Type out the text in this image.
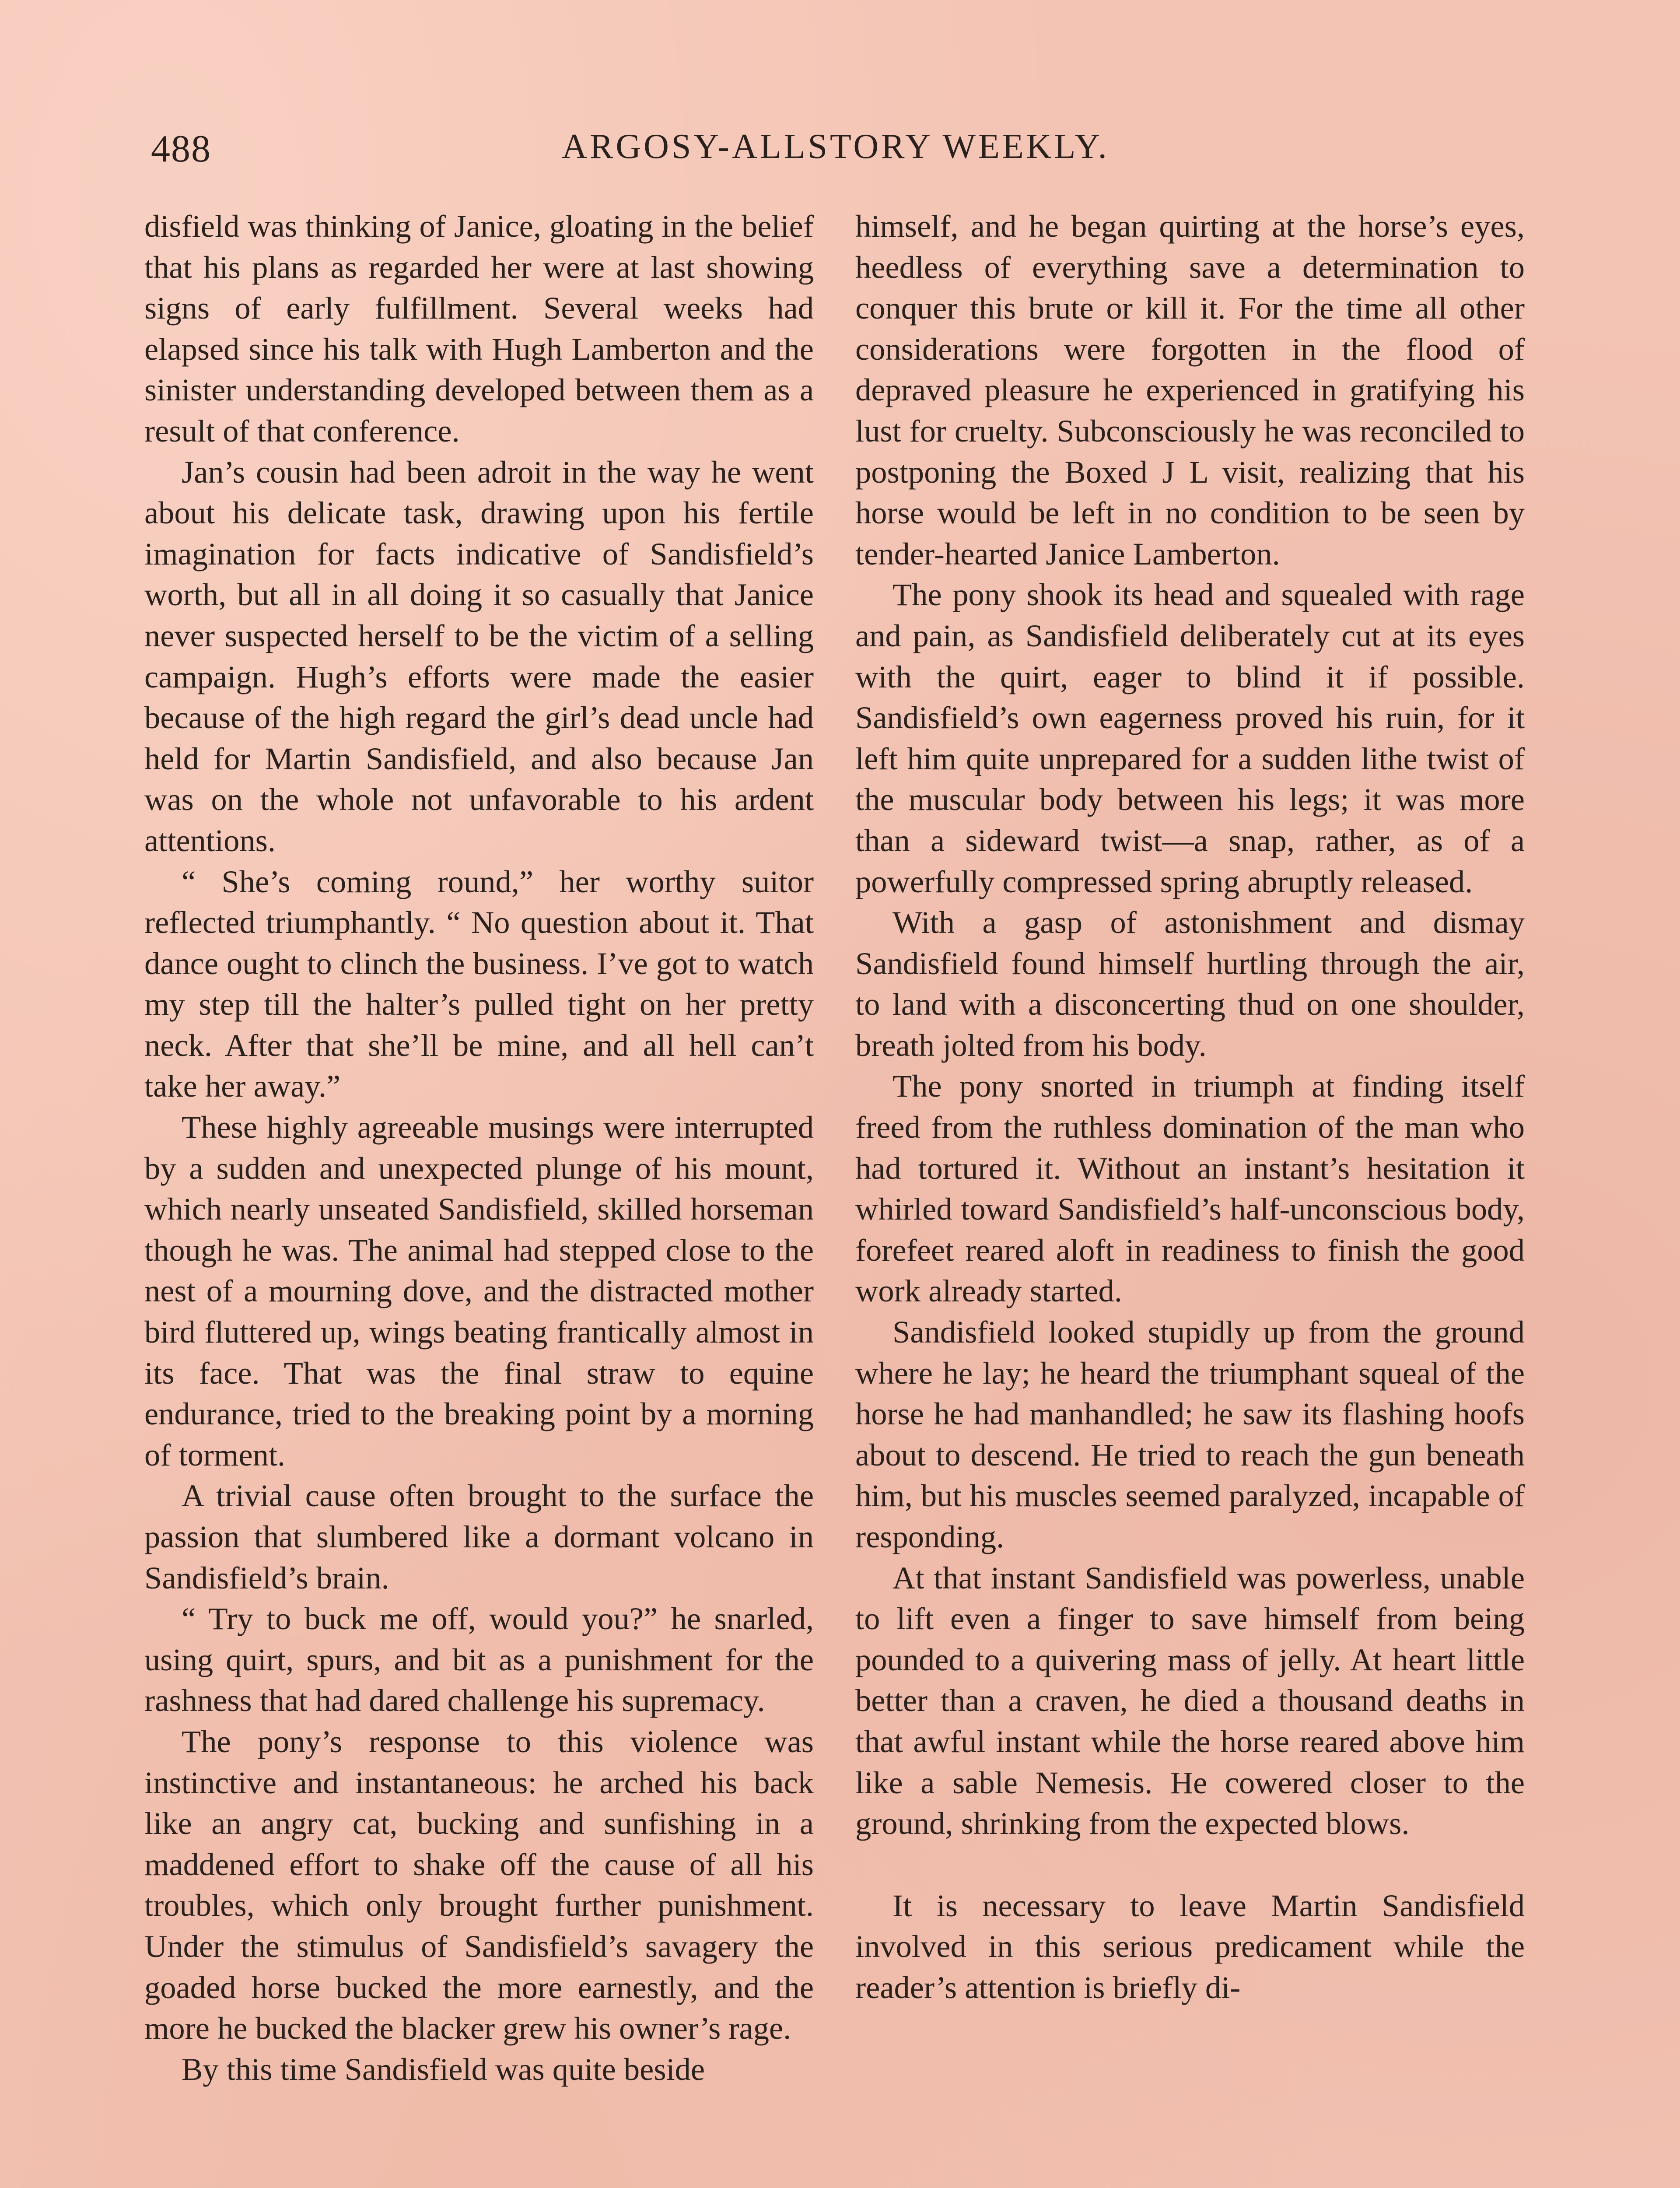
488	ARGOSY-ALLSTORY WEEKLY.

disfield was thinking of Janice, gloating in the belief that his plans as regarded her were at last showing signs of early fulfillment. Several weeks had elapsed since his talk with Hugh Lamberton and the sinister understanding developed between them as a result of that conference.

Jan’s cousin had been adroit in the way he went about his delicate task, drawing upon his fertile imagination for facts indicative of Sandisfield’s worth, but all in all doing it so casually that Janice never suspected herself to be the victim of a selling campaign. Hugh’s efforts were made the easier because of the high regard the girl’s dead uncle had held for Martin Sandisfield, and also because Jan was on the whole not unfavorable to his ardent attentions.

“ She’s coming round,” her worthy suitor reflected triumphantly. “ No question about it. That dance ought to clinch the business. I’ve got to watch my step till the halter’s pulled tight on her pretty neck. After that she’ll be mine, and all hell can’t take her away.”

These highly agreeable musings were interrupted by a sudden and unexpected plunge of his mount, which nearly unseated Sandisfield, skilled horseman though he was. The animal had stepped close to the nest of a mourning dove, and the distracted mother bird fluttered up, wings beating frantically almost in its face. That was the final straw to equine endurance, tried to the breaking point by a morning of torment.

A trivial cause often brought to the surface the passion that slumbered like a dormant volcano in Sandisfield’s brain.

“ Try to buck me off, would you?” he snarled, using quirt, spurs, and bit as a punishment for the rashness that had dared challenge his supremacy.

The pony’s response to this violence was instinctive and instantaneous: he arched his back like an angry cat, bucking and sunfishing in a maddened effort to shake off the cause of all his troubles, which only brought further punishment. Under the stimulus of Sandisfield’s savagery the goaded horse bucked the more earnestly, and the more he bucked the blacker grew his owner’s rage.

By this time Sandisfield was quite beside

himself, and he began quirting at the horse’s eyes, heedless of everything save a determination to conquer this brute or kill it. For the time all other considerations were forgotten in the flood of depraved pleasure he experienced in gratifying his lust for cruelty. Subconsciously he was reconciled to postponing the Boxed J L visit, realizing that his horse would be left in no condition to be seen by tender-hearted Janice Lamberton.

The pony shook its head and squealed with rage and pain, as Sandisfield deliberately cut at its eyes with the quirt, eager to blind it if possible. Sandisfield’s own eagerness proved his ruin, for it left him quite unprepared for a sudden lithe twist of the muscular body between his legs; it was more than a sideward twist—a snap, rather, as of a powerfully compressed spring abruptly released.

With a gasp of astonishment and dismay Sandisfield found himself hurtling through the air, to land with a disconcerting thud on one shoulder, breath jolted from his body.

The pony snorted in triumph at finding itself freed from the ruthless domination of the man who had tortured it. Without an instant’s hesitation it whirled toward Sandisfield’s half-unconscious body, forefeet reared aloft in readiness to finish the good work already started.

Sandisfield looked stupidly up from the ground where he lay; he heard the triumphant squeal of the horse he had manhandled; he saw its flashing hoofs about to descend. He tried to reach the gun beneath him, but his muscles seemed paralyzed, incapable of responding.

At that instant Sandisfield was powerless, unable to lift even a finger to save himself from being pounded to a quivering mass of jelly. At heart little better than a craven, he died a thousand deaths in that awful instant while the horse reared above him like a sable Nemesis. He cowered closer to the ground, shrinking from the expected blows.

It is necessary to leave Martin Sandisfield involved in this serious predicament while the reader’s attention is briefly di-
